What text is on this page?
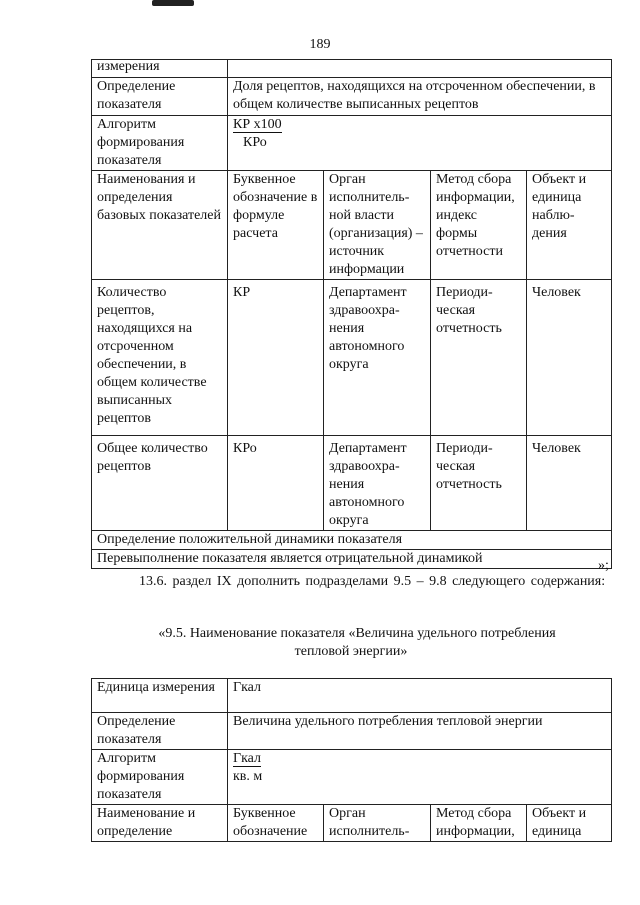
189
измерения				
Определение показателя	Доля рецептов, находящихся на отсроченном обеспечении, в общем количестве выписанных рецептов			
Алгоритм формирования показателя	КР х100
КРо			
Наименования и определения базовых показателей	Буквенное обозначение в формуле расчета	Орган исполнитель-ной власти (организация) – источник информации	Метод сбора информации, индекс формы отчетности	Объект и единица наблю-дения
Количество рецептов, находящихся на отсроченном обеспечении, в общем количестве выписанных рецептов	КР	Департамент здравоохра-нения автономного округа	Периоди-ческая отчетность	Человек
Общее количество рецептов	КРо	Департамент здравоохра-нения автономного округа	Периоди-ческая отчетность	Человек
Определение положительной динамики показателя				
Перевыполнение показателя является отрицательной динамикой					»;
13.6. раздел IX дополнить подразделами 9.5 – 9.8 следующего содержания:
«9.5. Наименование показателя «Величина удельного потребления
тепловой энергии»
Единица измерения	Гкал			
Определение показателя	Величина удельного потребления тепловой энергии			
Алгоритм формирования показателя	Гкал
кв. м			
Наименование и определение	Буквенное обозначение	Орган исполнитель-	Метод сбора информации,	Объект и единица
